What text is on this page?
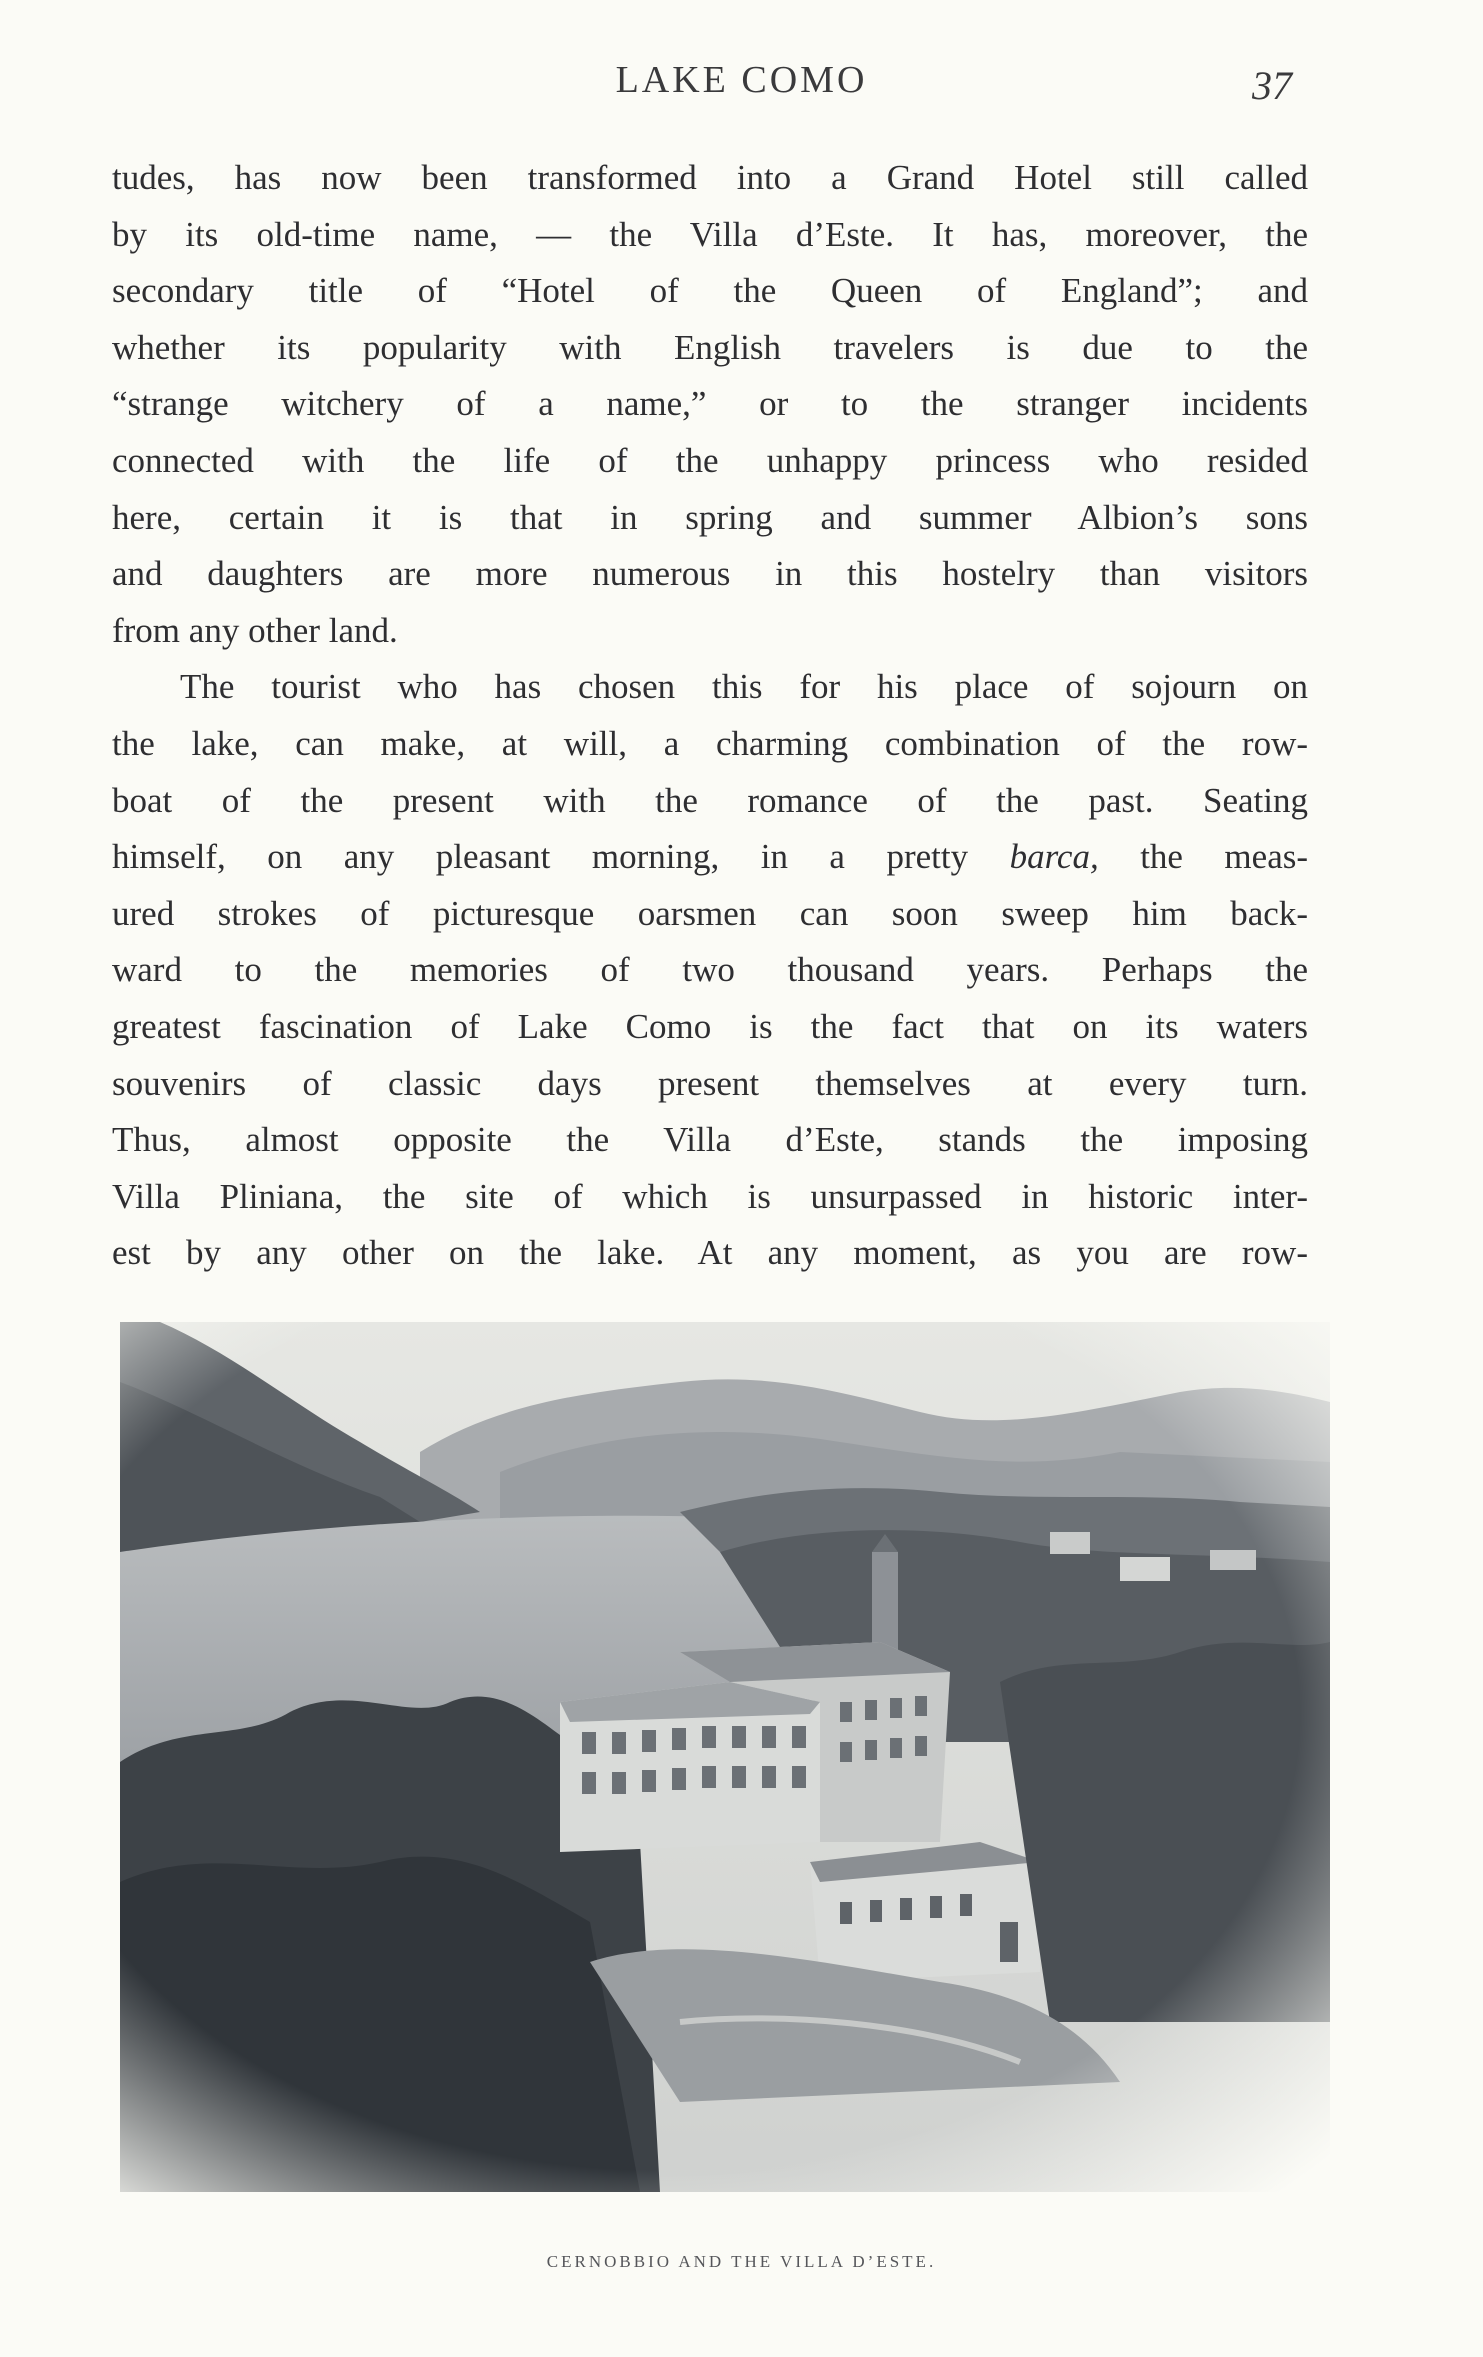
LAKE COMO	37

tudes, has now been transformed into a Grand Hotel still called
by its old-time name, — the Villa d’Este. It has, moreover, the
secondary title of “Hotel of the Queen of England”; and
whether its popularity with English travelers is due to the
“strange witchery of a name,” or to the stranger incidents
connected with the life of the unhappy princess who resided
here, certain it is that in spring and summer Albion’s sons
and daughters are more numerous in this hostelry than visitors
from any other land.

The tourist who has chosen this for his place of sojourn on
the lake, can make, at will, a charming combination of the row-
boat of the present with the romance of the past. Seating
himself, on any pleasant morning, in a pretty barca, the meas-
ured strokes of picturesque oarsmen can soon sweep him back-
ward to the memories of two thousand years. Perhaps the
greatest fascination of Lake Como is the fact that on its waters
souvenirs of classic days present themselves at every turn.
Thus, almost opposite the Villa d’Este, stands the imposing
Villa Pliniana, the site of which is unsurpassed in historic inter-
est by any other on the lake. At any moment, as you are row-

CERNOBBIO AND THE VILLA D’ESTE.
